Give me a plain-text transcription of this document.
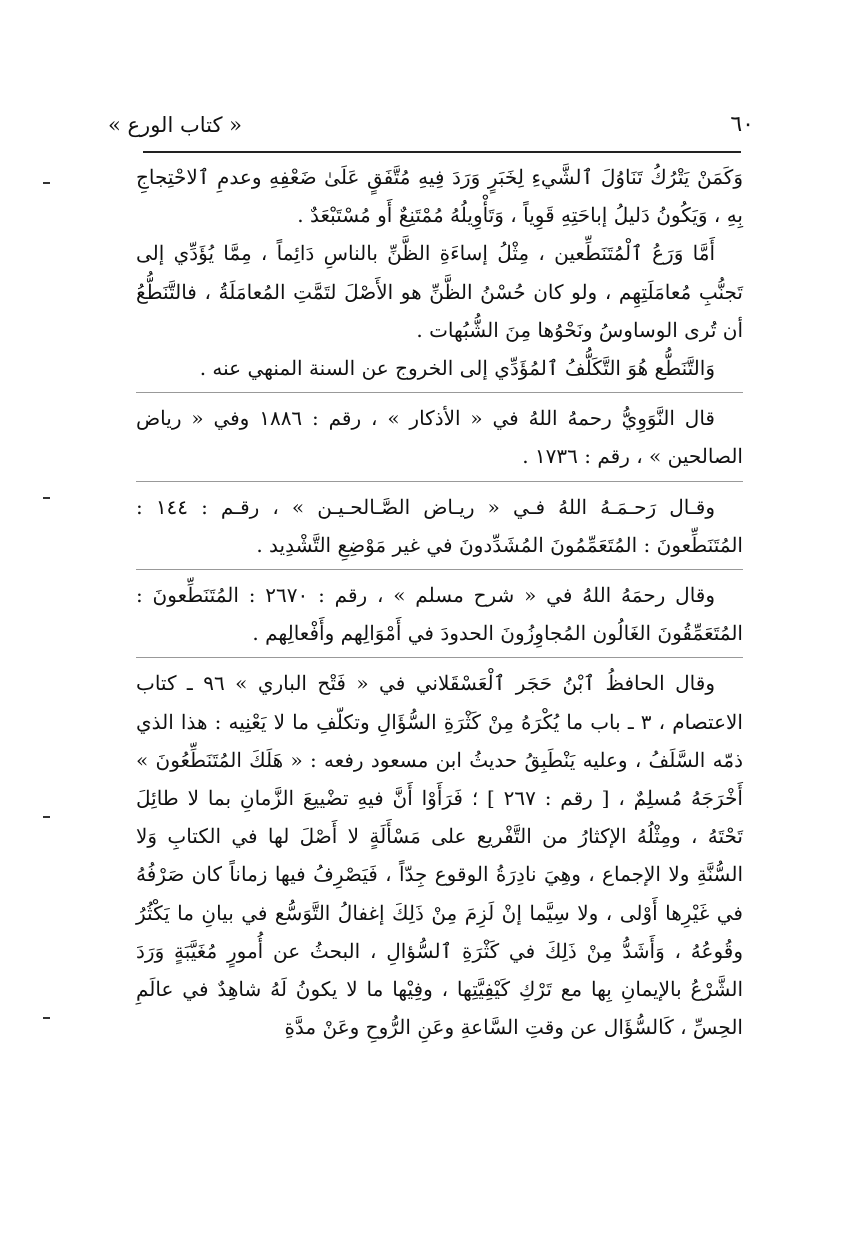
« كتاب الورع »	٦٠

وَكَمَنْ يَتْرُكُ تَنَاوُلَ ٱلشَّيءِ لِخَبَرٍ وَرَدَ فِيهِ مُتَّفَقٍ عَلَىٰ ضَعْفِهِ وعدمِ ٱلاحْتِجاجِ بِهِ ، وَيَكُونُ دَليلُ إباحَتِهِ قَوِياً ، وَتَأْوِيلُهُ مُمْتَنِعٌ أَو مُسْتَبْعَدٌ .

أَمَّا وَرَعُ ٱلْمُتَنَطِّعين ، مِثْلُ إساءَةِ الظَّنِّ بالناسِ دَائِماً ، مِمَّا يُؤَدِّي إلى تَجنُّبِ مُعامَلَتِهِم ، ولو كان حُسْنُ الظَّنِّ هو الأَصْلَ لتَمَّتِ المُعامَلَةُ ، فالتَّنَطُّعُ أن تُرى الوساوسُ ونَحْوُها مِنَ الشُّبُهات .

وَالتَّنَطُّع هُوَ التَّكَلُّفُ ٱلمُؤَدِّي إلى الخروج عن السنة المنهي عنه .

قال النَّوَوِيُّ رحمهُ اللهُ في « الأذكار » ، رقم : ١٨٨٦ وفي « رياض الصالحين » ، رقم : ١٧٣٦ .

وقـال رَحـمَـهُ اللهُ فـي « ريـاض الصَّـالحـيـن » ، رقـم : ١٤٤ : المُتَنَطِّعونَ : المُتَعَمِّمُونَ المُشَدِّدونَ في غير مَوْضِعِ التَّشْدِيد .

وقال رحمَهُ اللهُ في « شرح مسلم » ، رقم : ٢٦٧٠ : المُتَنَطِّعونَ : المُتَعَمِّقُونَ الغَالُون المُجاوِزُونَ الحدودَ في أَمْوَالِهم وأَفْعالِهم .

وقال الحافظُ ٱبْنُ حَجَر ٱلْعَسْقَلاني في « فَتْح الباري » ٩٦ ـ كتاب الاعتصام ، ٣ ـ باب ما يُكْرَهُ مِنْ كَثْرَةِ السُّؤَالِ وتكلّفِ ما لا يَعْنِيه : هذا الذي ذمّه السَّلَفُ ، وعليه يَنْطَبِقُ حديثُ ابن مسعود رفعه : « هَلَكَ المُتَنَطِّعُونَ » أَخْرَجَهُ مُسلِمٌ ، [ رقم : ٢٦٧ ] ؛ فَرَأَوْا أَنَّ فيهِ تضْييعَ الزَّمانِ بما لا طائِلَ تَحْتَهُ ، ومِثْلُهُ الإكثارُ من التَّفْريع على مَسْأَلَةٍ لا أَصْلَ لها في الكتابِ وَلا السُّنَّةِ ولا الإجماع ، وهِيَ نادِرَةُ الوقوع جِدّاً ، فَيَصْرِفُ فيها زماناً كان صَرْفُهُ في غَيْرِها أَوْلى ، ولا سِيَّما إنْ لَزِمَ مِنْ ذَلِكَ إغفالُ التَّوَسُّع في بيانِ ما يَكْثُرُ وقُوعُهُ ، وَأَشَدُّ مِنْ ذَلِكَ في كَثْرَةِ ٱلسُّؤالِ ، البحثُ عن أُمورٍ مُغَيَّبَةٍ وَرَدَ الشَّرْعُ بالإيمانِ بِها مع تَرْكِ كَيْفِيَّتِها ، وفِيْها ما لا يكونُ لَهُ شاهِدٌ في عالَمِ الحِسِّ ، كَالسُّؤَال عن وقتِ السَّاعةِ وعَنِ الرُّوحِ وعَنْ مدَّةِ
